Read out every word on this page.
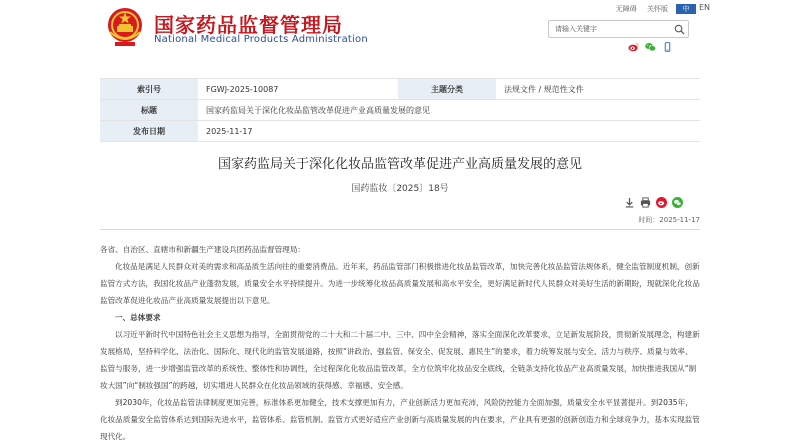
国家药品监督管理局
National Medical Products Administration
无障碍 关怀版	中	EN
请输入关键字
索引号	FGWJ-2025-10087	主题分类	法规文件 / 规范性文件
标题	国家药监局关于深化化妆品监管改革促进产业高质量发展的意见
发布日期	2025-11-17
国家药监局关于深化化妆品监管改革促进产业高质量发展的意见
国药监妆〔2025〕18号
时间：2025-11-17

各省、自治区、直辖市和新疆生产建设兵团药品监督管理局：

化妆品是满足人民群众对美的需求和高品质生活向往的重要消费品。近年来，药品监管部门积极推进化妆品监管改革，加快完善化妆品监管法规体系，健全监管制度机制，创新监管方式方法，我国化妆品产业蓬勃发展，质量安全水平持续提升。为进一步统筹化妆品高质量发展和高水平安全，更好满足新时代人民群众对美好生活的新期盼，现就深化化妆品监管改革促进化妆品产业高质量发展提出以下意见。

一、总体要求

以习近平新时代中国特色社会主义思想为指导，全面贯彻党的二十大和二十届二中、三中、四中全会精神，落实全面深化改革要求，立足新发展阶段，贯彻新发展理念，构建新发展格局，坚持科学化、法治化、国际化、现代化的监管发展道路，按照“讲政治、强监管、保安全、促发展、惠民生”的要求，着力统筹发展与安全、活力与秩序、质量与效率、监管与服务，进一步增强监管改革的系统性、整体性和协调性，全过程深化化妆品监管改革，全方位筑牢化妆品安全底线，全链条支持化妆品产业高质量发展，加快推进我国从“制妆大国”向“制妆强国”的跨越，切实增进人民群众在化妆品领域的获得感、幸福感、安全感。

到2030年，化妆品监管法律制度更加完善，标准体系更加健全，技术支撑更加有力，产业创新活力更加充沛，风险防控能力全面加强，质量安全水平显著提升。到2035年，化妆品质量安全监管体系达到国际先进水平，监管体系、监管机制、监管方式更好适应产业创新与高质量发展的内在要求，产业具有更强的创新创造力和全球竞争力，基本实现监管现代化。
